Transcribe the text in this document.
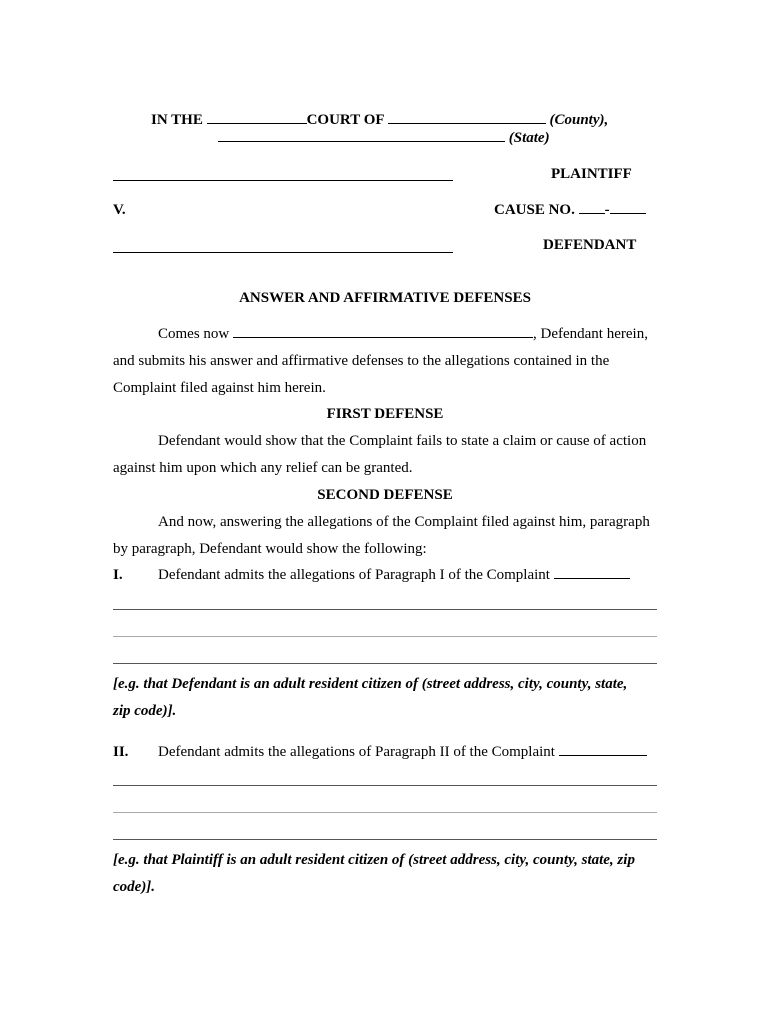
IN THE	COURT OF	(County),
(State)
PLAINTIFF
V.	CAUSE NO. -
DEFENDANT
ANSWER AND AFFIRMATIVE DEFENSES
Comes now	, Defendant herein,
and submits his answer and affirmative defenses to the allegations contained in the
Complaint filed against him herein.
FIRST DEFENSE
Defendant would show that the Complaint fails to state a claim or cause of action
against him upon which any relief can be granted.
SECOND DEFENSE
And now, answering the allegations of the Complaint filed against him, paragraph
by paragraph, Defendant would show the following:
I. Defendant admits the allegations of Paragraph I of the Complaint
[e.g. that Defendant is an adult resident citizen of (street address, city, county, state,
zip code)].
II. Defendant admits the allegations of Paragraph II of the Complaint
[e.g. that Plaintiff is an adult resident citizen of (street address, city, county, state, zip
code)].
